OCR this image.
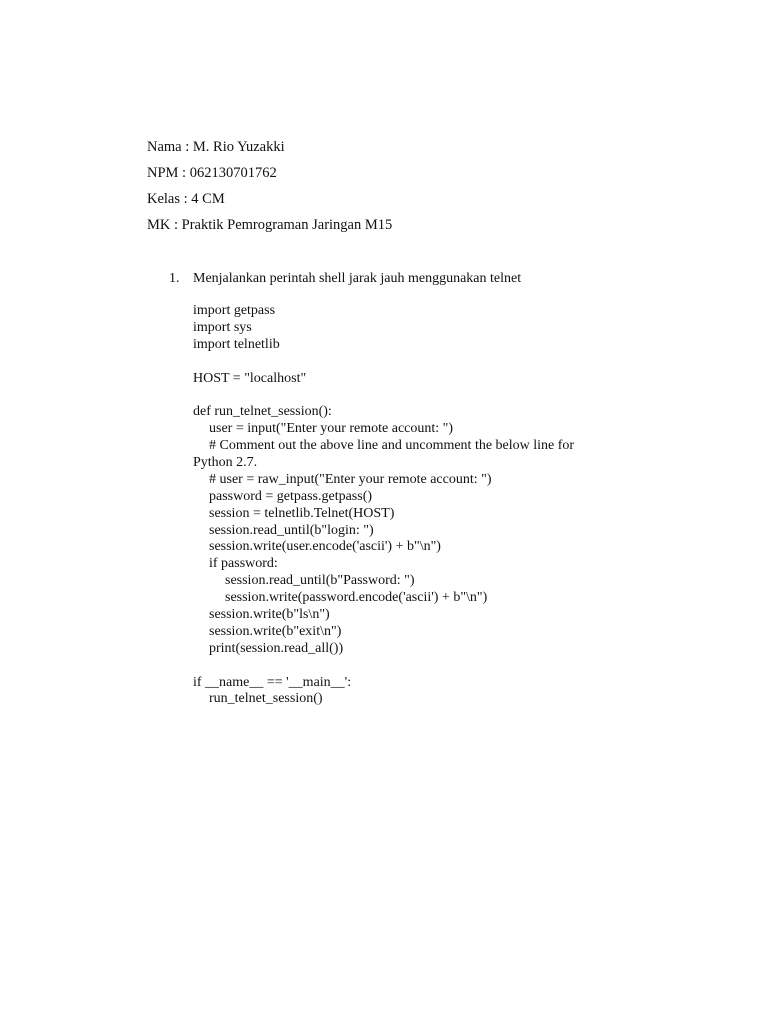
Nama : M. Rio Yuzakki
NPM : 062130701762
Kelas : 4 CM
MK : Praktik Pemrograman Jaringan M15
1. Menjalankan perintah shell jarak jauh menggunakan telnet
import getpass
import sys
import telnetlib
HOST = "localhost"
def run_telnet_session():
user = input("Enter your remote account: ")
# Comment out the above line and uncomment the below line for
Python 2.7.
# user = raw_input("Enter your remote account: ")
password = getpass.getpass()
session = telnetlib.Telnet(HOST)
session.read_until(b"login: ")
session.write(user.encode('ascii') + b"\n")
if password:
session.read_until(b"Password: ")
session.write(password.encode('ascii') + b"\n")
session.write(b"ls\n")
session.write(b"exit\n")
print(session.read_all())
if __name__ == '__main__':
run_telnet_session()
